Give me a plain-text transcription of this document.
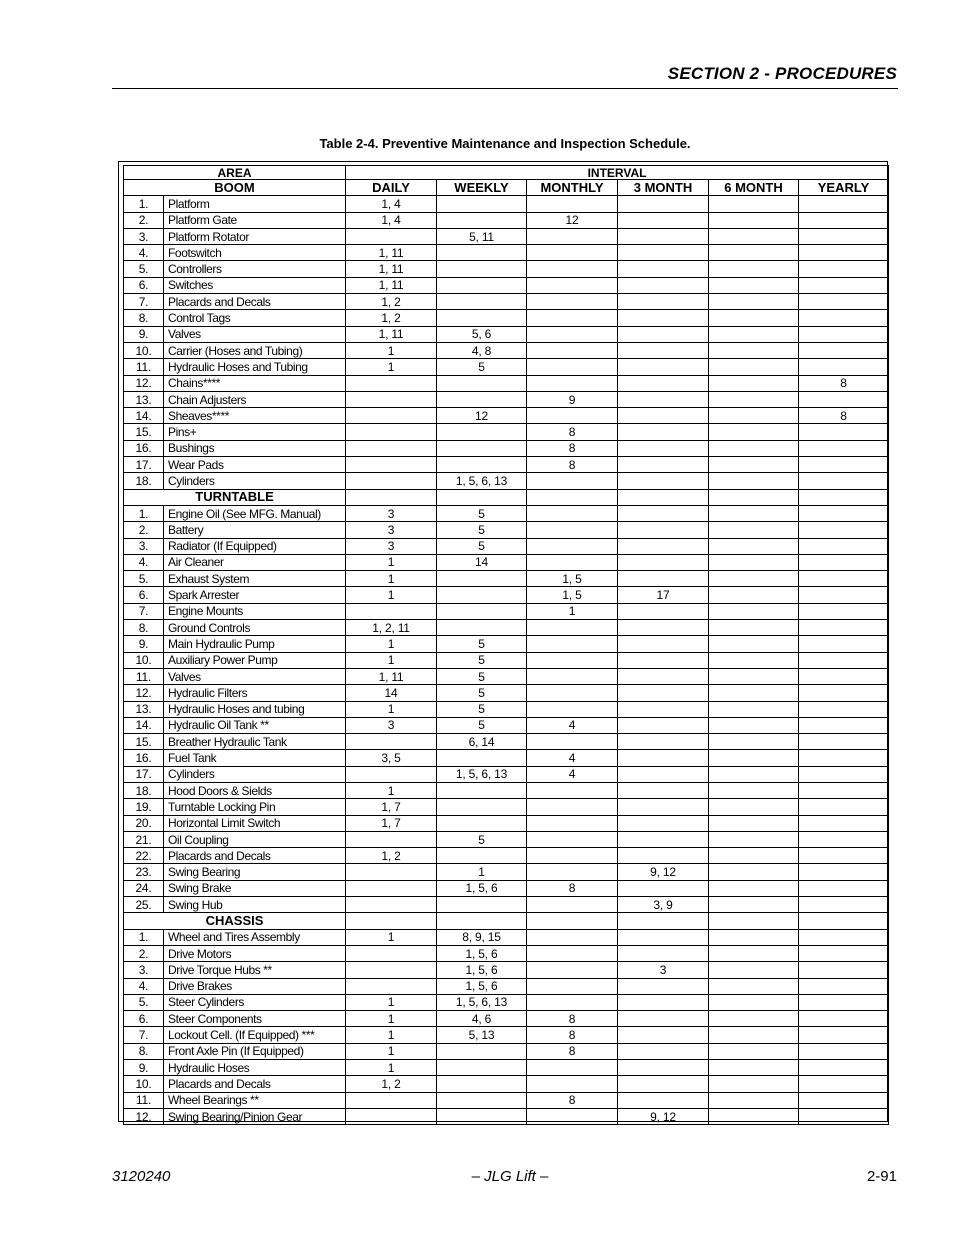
SECTION 2 - PROCEDURES
Table 2-4. Preventive Maintenance and Inspection Schedule.
AREA		INTERVAL					
BOOM		DAILY	WEEKLY	MONTHLY	3 MONTH	6 MONTH	YEARLY
1.	Platform	1, 4					
2.	Platform Gate	1, 4		12			
3.	Platform Rotator		5, 11				
4.	Footswitch	1, 11					
5.	Controllers	1, 11					
6.	Switches	1, 11					
7.	Placards and Decals	1, 2					
8.	Control Tags	1, 2					
9.	Valves	1, 11	5, 6				
10.	Carrier (Hoses and Tubing)	1	4, 8				
11.	Hydraulic Hoses and Tubing	1	5				
12.	Chains****						8
13.	Chain Adjusters			9			
14.	Sheaves****		12				8
15.	Pins+			8			
16.	Bushings			8			
17.	Wear Pads			8			
18.	Cylinders		1, 5, 6, 13				
TURNTABLE							
1.	Engine Oil (See MFG. Manual)	3	5				
2.	Battery	3	5				
3.	Radiator (If Equipped)	3	5				
4.	Air Cleaner	1	14				
5.	Exhaust System	1		1, 5			
6.	Spark Arrester	1		1, 5	17		
7.	Engine Mounts			1			
8.	Ground Controls	1, 2, 11					
9.	Main Hydraulic Pump	1	5				
10.	Auxiliary Power Pump	1	5				
11.	Valves	1, 11	5				
12.	Hydraulic Filters	14	5				
13.	Hydraulic Hoses and tubing	1	5				
14.	Hydraulic Oil Tank **	3	5	4			
15.	Breather Hydraulic Tank		6, 14				
16.	Fuel Tank	3, 5		4			
17.	Cylinders		1, 5, 6, 13	4			
18.	Hood Doors & Sields	1					
19.	Turntable Locking Pin	1, 7					
20.	Horizontal Limit Switch	1, 7					
21.	Oil Coupling		5				
22.	Placards and Decals	1, 2					
23.	Swing Bearing		1		9, 12		
24.	Swing Brake		1, 5, 6	8			
25.	Swing Hub				3, 9		
CHASSIS							
1.	Wheel and Tires Assembly	1	8, 9, 15				
2.	Drive Motors		1, 5, 6				
3.	Drive Torque Hubs **		1, 5, 6		3		
4.	Drive Brakes		1, 5, 6				
5.	Steer Cylinders	1	1, 5, 6, 13				
6.	Steer Components	1	4, 6	8			
7.	Lockout Cell. (If Equipped) ***	1	5, 13	8			
8.	Front Axle Pin (If Equipped)	1		8			
9.	Hydraulic Hoses	1					
10.	Placards and Decals	1, 2					
11.	Wheel Bearings **			8			
12.	Swing Bearing/Pinion Gear				9, 12		
3120240	– JLG Lift –	2-91
